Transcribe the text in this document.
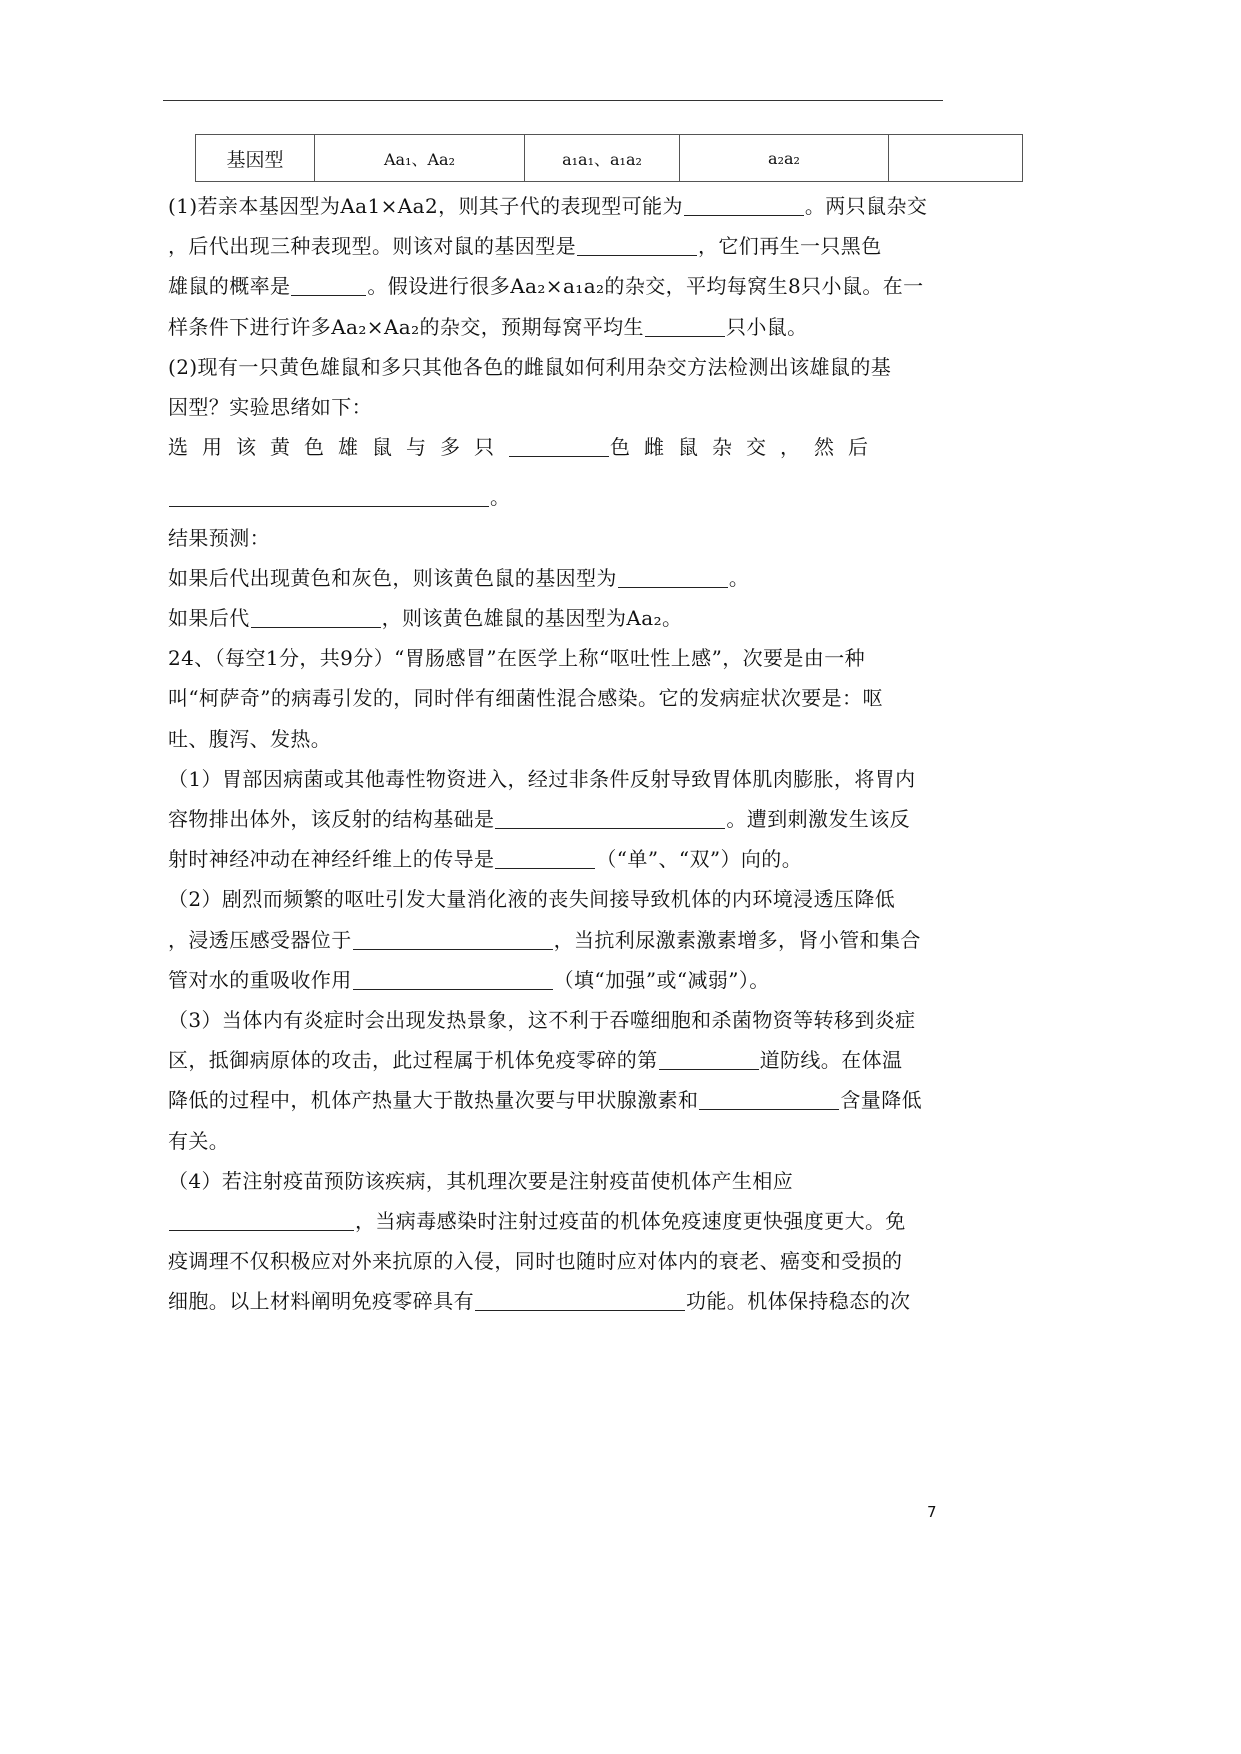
基因型	Aa₁、Aa₂	a₁a₁、a₁a₂	a₂a₂	

(1)若亲本基因型为Aa1×Aa2，则其子代的表现型可能为	。两只鼠杂交

，后代出现三种表现型。则该对鼠的基因型是	，它们再生一只黑色

雄鼠的概率是	。假设进行很多Aa₂×a₁a₂的杂交，平均每窝生8只小鼠。在一

样条件下进行许多Aa₂×Aa₂的杂交，预期每窝平均生	只小鼠。

(2)现有一只黄色雄鼠和多只其他各色的雌鼠如何利用杂交方法检测出该雄鼠的基

因型？实验思绪如下：

选用该黄色雄鼠与多只	色雌鼠杂交，然后

。

结果预测：

如果后代出现黄色和灰色，则该黄色鼠的基因型为	。

如果后代	，则该黄色雄鼠的基因型为Aa₂。

24、（每空1分，共9分）“胃肠感冒”在医学上称“呕吐性上感”，次要是由一种

叫“柯萨奇”的病毒引发的，同时伴有细菌性混合感染。它的发病症状次要是：呕

吐、腹泻、发热。

（1）胃部因病菌或其他毒性物资进入，经过非条件反射导致胃体肌肉膨胀，将胃内

容物排出体外，该反射的结构基础是	。遭到刺激发生该反

射时神经冲动在神经纤维上的传导是	（“单”、“双”）向的。

（2）剧烈而频繁的呕吐引发大量消化液的丧失间接导致机体的内环境浸透压降低

，浸透压感受器位于	，当抗利尿激素激素增多，肾小管和集合

管对水的重吸收作用	（填“加强”或“减弱”）。

（3）当体内有炎症时会出现发热景象，这不利于吞噬细胞和杀菌物资等转移到炎症

区，抵御病原体的攻击，此过程属于机体免疫零碎的第	道防线。在体温

降低的过程中，机体产热量大于散热量次要与甲状腺激素和	含量降低

有关。

（4）若注射疫苗预防该疾病，其机理次要是注射疫苗使机体产生相应

，当病毒感染时注射过疫苗的机体免疫速度更快强度更大。免

疫调理不仅积极应对外来抗原的入侵，同时也随时应对体内的衰老、癌变和受损的

细胞。以上材料阐明免疫零碎具有	功能。机体保持稳态的次

7
